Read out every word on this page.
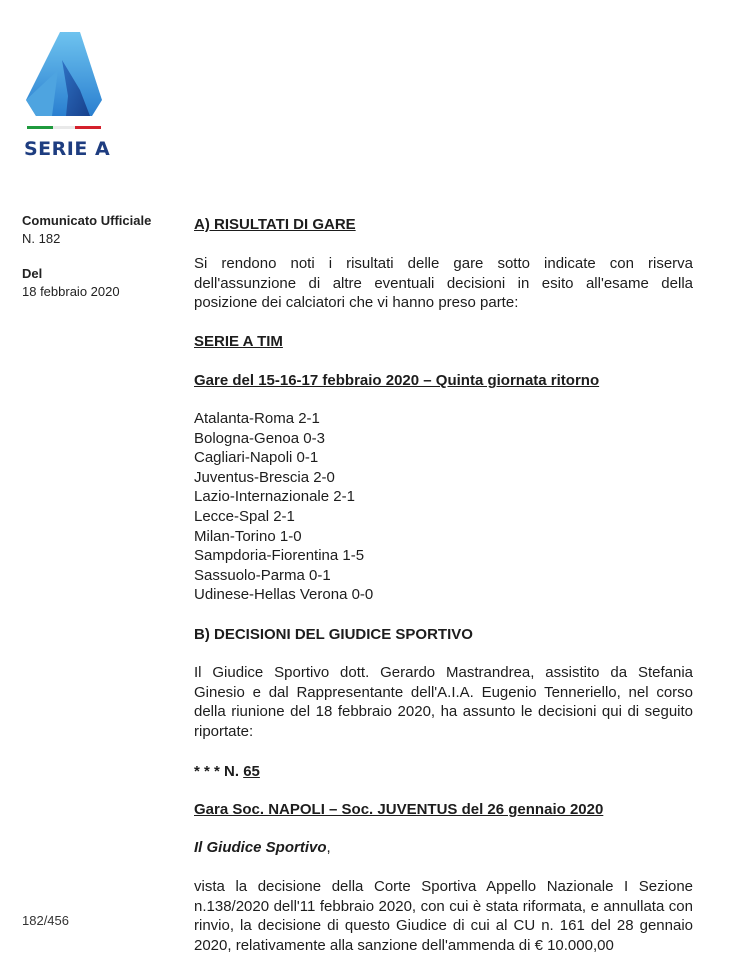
SERIE A
Comunicato Ufficiale
N. 182
Del
18 febbraio 2020
182/456
A) RISULTATI DI GARE
Si rendono noti i risultati delle gare sotto indicate con riserva dell'assunzione di altre eventuali decisioni in esito all'esame della posizione dei calciatori che vi hanno preso parte:
SERIE A TIM
Gare del 15-16-17 febbraio 2020 – Quinta giornata ritorno
Atalanta-Roma 2-1
Bologna-Genoa 0-3
Cagliari-Napoli 0-1
Juventus-Brescia 2-0
Lazio-Internazionale 2-1
Lecce-Spal 2-1
Milan-Torino 1-0
Sampdoria-Fiorentina 1-5
Sassuolo-Parma 0-1
Udinese-Hellas Verona 0-0
B) DECISIONI DEL GIUDICE SPORTIVO
Il Giudice Sportivo dott. Gerardo Mastrandrea, assistito da Stefania Ginesio e dal Rappresentante dell'A.I.A. Eugenio Tenneriello, nel corso della riunione del 18 febbraio 2020, ha assunto le decisioni qui di seguito riportate:
* * * N. 65
Gara Soc. NAPOLI – Soc. JUVENTUS del 26 gennaio 2020
Il Giudice Sportivo,
vista la decisione della Corte Sportiva Appello Nazionale I Sezione n.138/2020 dell'11 febbraio 2020, con cui è stata riformata, e annullata con rinvio, la decisione di questo Giudice di cui al CU n. 161 del 28 gennaio 2020, relativamente alla sanzione dell'ammenda di € 10.000,00
